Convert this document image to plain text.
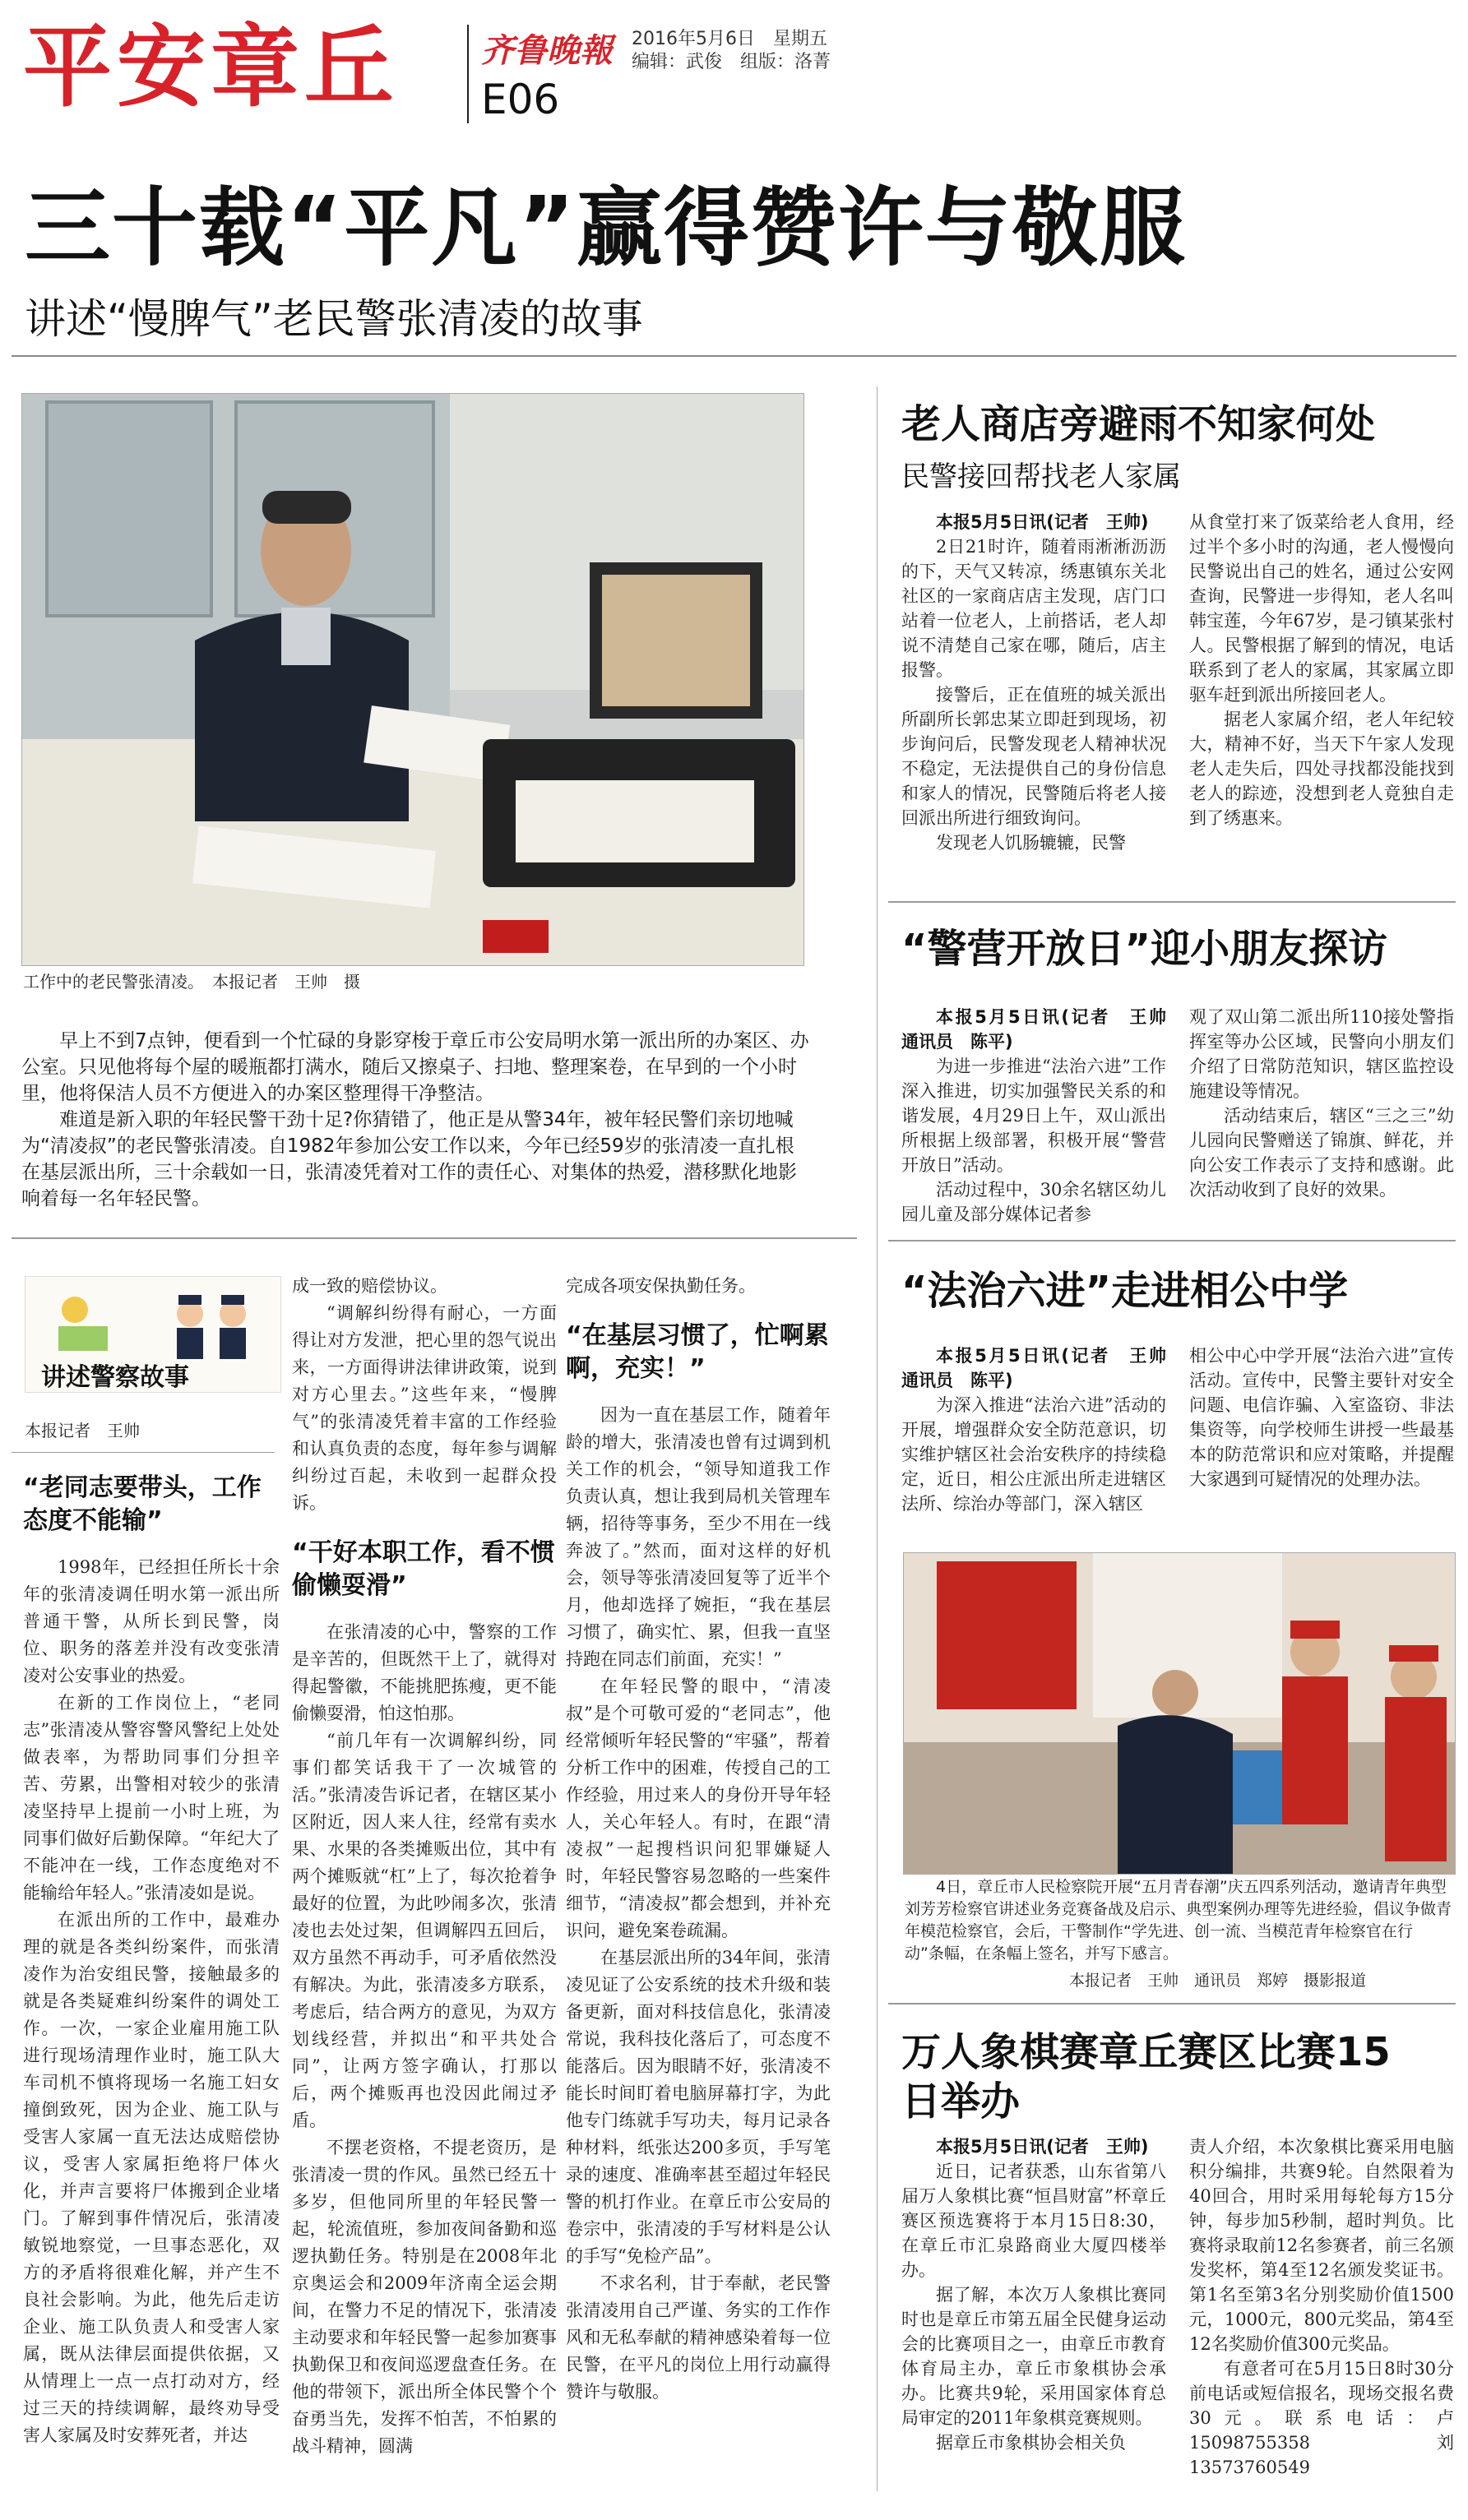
平安章丘	齐鲁晚報 2016年5月6日　星期五
编辑：武俊　组版：洛菁
E06
三十载“平凡”赢得赞许与敬服
讲述“慢脾气”老民警张清凌的故事
工作中的老民警张清凌。　本报记者　王帅　摄

早上不到7点钟，便看到一个忙碌的身影穿梭于章丘市公安局明水第一派出所的办案区、办公室。只见他将每个屋的暖瓶都打满水，随后又擦桌子、扫地、整理案卷，在早到的一个小时里，他将保洁人员不方便进入的办案区整理得干净整洁。

难道是新入职的年轻民警干劲十足?你猜错了，他正是从警34年，被年轻民警们亲切地喊为“清凌叔”的老民警张清凌。自1982年参加公安工作以来，今年已经59岁的张清凌一直扎根在基层派出所，三十余载如一日，张清凌凭着对工作的责任心、对集体的热爱，潜移默化地影响着每一名年轻民警。

讲述警察故事
本报记者　王帅
“老同志要带头，工作态度不能输”

1998年，已经担任所长十余年的张清凌调任明水第一派出所普通干警，从所长到民警，岗位、职务的落差并没有改变张清凌对公安事业的热爱。

在新的工作岗位上，“老同志”张清凌从警容警风警纪上处处做表率，为帮助同事们分担辛苦、劳累，出警相对较少的张清凌坚持早上提前一小时上班，为同事们做好后勤保障。“年纪大了不能冲在一线，工作态度绝对不能输给年轻人。”张清凌如是说。

在派出所的工作中，最难办理的就是各类纠纷案件，而张清凌作为治安组民警，接触最多的就是各类疑难纠纷案件的调处工作。一次，一家企业雇用施工队进行现场清理作业时，施工队大车司机不慎将现场一名施工妇女撞倒致死，因为企业、施工队与受害人家属一直无法达成赔偿协议，受害人家属拒绝将尸体火化，并声言要将尸体搬到企业堵门。了解到事件情况后，张清凌敏锐地察觉，一旦事态恶化，双方的矛盾将很难化解，并产生不良社会影响。为此，他先后走访企业、施工队负责人和受害人家属，既从法律层面提供依据，又从情理上一点一点打动对方，经过三天的持续调解，最终劝导受害人家属及时安葬死者，并达

成一致的赔偿协议。

“调解纠纷得有耐心，一方面得让对方发泄，把心里的怨气说出来，一方面得讲法律讲政策，说到对方心里去。”这些年来，“慢脾气”的张清凌凭着丰富的工作经验和认真负责的态度，每年参与调解纠纷过百起，未收到一起群众投诉。

“干好本职工作，看不惯偷懒耍滑”

在张清凌的心中，警察的工作是辛苦的，但既然干上了，就得对得起警徽，不能挑肥拣瘦，更不能偷懒耍滑，怕这怕那。

“前几年有一次调解纠纷，同事们都笑话我干了一次城管的活。”张清凌告诉记者，在辖区某小区附近，因人来人往，经常有卖水果、水果的各类摊贩出位，其中有两个摊贩就“杠”上了，每次抢着争最好的位置，为此吵闹多次，张清凌也去处过架，但调解四五回后，双方虽然不再动手，可矛盾依然没有解决。为此，张清凌多方联系，考虑后，结合两方的意见，为双方划线经营，并拟出“和平共处合同”，让两方签字确认，打那以后，两个摊贩再也没因此闹过矛盾。

不摆老资格，不提老资历，是张清凌一贯的作风。虽然已经五十多岁，但他同所里的年轻民警一起，轮流值班，参加夜间备勤和巡逻执勤任务。特别是在2008年北京奥运会和2009年济南全运会期间，在警力不足的情况下，张清凌主动要求和年轻民警一起参加赛事执勤保卫和夜间巡逻盘查任务。在他的带领下，派出所全体民警个个奋勇当先，发挥不怕苦，不怕累的战斗精神，圆满

完成各项安保执勤任务。

“在基层习惯了，忙啊累啊，充实！”

因为一直在基层工作，随着年龄的增大，张清凌也曾有过调到机关工作的机会，“领导知道我工作负责认真，想让我到局机关管理车辆，招待等事务，至少不用在一线奔波了。”然而，面对这样的好机会，领导等张清凌回复等了近半个月，他却选择了婉拒，“我在基层习惯了，确实忙、累，但我一直坚持跑在同志们前面，充实！”

在年轻民警的眼中，“清凌叔”是个可敬可爱的“老同志”，他经常倾听年轻民警的“牢骚”，帮着分析工作中的困难，传授自己的工作经验，用过来人的身份开导年轻人，关心年轻人。有时，在跟“清凌叔”一起搜档识问犯罪嫌疑人时，年轻民警容易忽略的一些案件细节，“清凌叔”都会想到，并补充识问，避免案卷疏漏。

在基层派出所的34年间，张清凌见证了公安系统的技术升级和装备更新，面对科技信息化，张清凌常说，我科技化落后了，可态度不能落后。因为眼睛不好，张清凌不能长时间盯着电脑屏幕打字，为此他专门练就手写功夫，每月记录各种材料，纸张达200多页，手写笔录的速度、准确率甚至超过年轻民警的机打作业。在章丘市公安局的卷宗中，张清凌的手写材料是公认的手写“免检产品”。

不求名利，甘于奉献，老民警张清凌用自己严谨、务实的工作作风和无私奉献的精神感染着每一位民警，在平凡的岗位上用行动赢得赞许与敬服。

老人商店旁避雨不知家何处
民警接回帮找老人家属

本报5月5日讯(记者　王帅)

2日21时许，随着雨淅淅沥沥的下，天气又转凉，绣惠镇东关北社区的一家商店店主发现，店门口站着一位老人，上前搭话，老人却说不清楚自己家在哪，随后，店主报警。

接警后，正在值班的城关派出所副所长郭忠某立即赶到现场，初步询问后，民警发现老人精神状况不稳定，无法提供自己的身份信息和家人的情况，民警随后将老人接回派出所进行细致询问。

发现老人饥肠辘辘，民警

从食堂打来了饭菜给老人食用，经过半个多小时的沟通，老人慢慢向民警说出自己的姓名，通过公安网查询，民警进一步得知，老人名叫韩宝莲，今年67岁，是刁镇某张村人。民警根据了解到的情况，电话联系到了老人的家属，其家属立即驱车赶到派出所接回老人。

据老人家属介绍，老人年纪较大，精神不好，当天下午家人发现老人走失后，四处寻找都没能找到老人的踪迹，没想到老人竟独自走到了绣惠来。

“警营开放日”迎小朋友探访

本报5月5日讯(记者　王帅　通讯员　陈平)

为进一步推进“法治六进”工作深入推进，切实加强警民关系的和谐发展，4月29日上午，双山派出所根据上级部署，积极开展“警营开放日”活动。

活动过程中，30余名辖区幼儿园儿童及部分媒体记者参

观了双山第二派出所110接处警指挥室等办公区域，民警向小朋友们介绍了日常防范知识，辖区监控设施建设等情况。

活动结束后，辖区“三之三”幼儿园向民警赠送了锦旗、鲜花，并向公安工作表示了支持和感谢。此次活动收到了良好的效果。

“法治六进”走进相公中学

本报5月5日讯(记者　王帅　通讯员　陈平)

为深入推进“法治六进”活动的开展，增强群众安全防范意识，切实维护辖区社会治安秩序的持续稳定，近日，相公庄派出所走进辖区法所、综治办等部门，深入辖区

相公中心中学开展“法治六进”宣传活动。宣传中，民警主要针对安全问题、电信诈骗、入室盗窃、非法集资等，向学校师生讲授一些最基本的防范常识和应对策略，并提醒大家遇到可疑情况的处理办法。

4日，章丘市人民检察院开展“五月青春潮”庆五四系列活动，邀请青年典型刘芳芳检察官讲述业务竞赛备战及启示、典型案例办理等先进经验，倡议争做青年模范检察官，会后，干警制作“学先进、创一流、当模范青年检察官在行动”条幅，在条幅上签名，并写下感言。

本报记者　王帅　通讯员　郑婷　摄影报道
万人象棋赛章丘赛区比赛15日举办

本报5月5日讯(记者　王帅)

近日，记者获悉，山东省第八届万人象棋比赛“恒昌财富”杯章丘赛区预选赛将于本月15日8:30，在章丘市汇泉路商业大厦四楼举办。

据了解，本次万人象棋比赛同时也是章丘市第五届全民健身运动会的比赛项目之一，由章丘市教育体育局主办，章丘市象棋协会承办。比赛共9轮，采用国家体育总局审定的2011年象棋竞赛规则。

据章丘市象棋协会相关负

责人介绍，本次象棋比赛采用电脑积分编排，共赛9轮。自然限着为40回合，用时采用每轮每方15分钟，每步加5秒制，超时判负。比赛将录取前12名参赛者，前三名颁发奖杯，第4至12名颁发奖证书。第1名至第3名分别奖励价值1500元，1000元，800元奖品，第4至12名奖励价值300元奖品。

有意者可在5月15日8时30分前电话或短信报名，现场交报名费30元。联系电话：卢15098755358　刘13573760549
